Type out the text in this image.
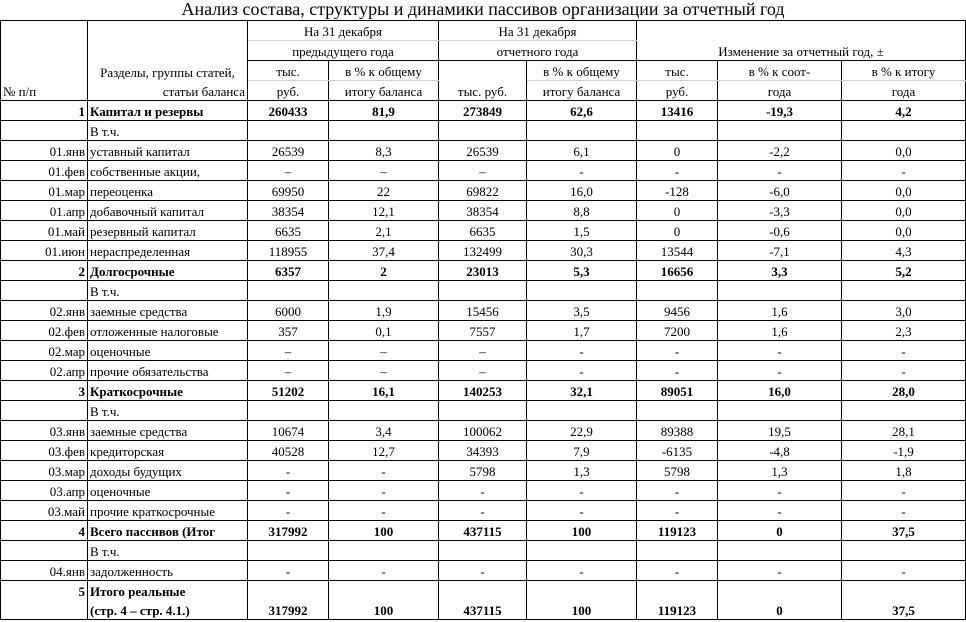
Анализ состава, структуры и динамики пассивов организации за отчетный год
		На 31 декабря		На 31 декабря				
		предыдущего года		отчетного года		Изменение за отчетный год, ±		
	Разделы, группы статей,	тыс.	в % к общему		в % к общему	тыс.	в % к соот-	в % к итогу
№ п/п	статьи баланса	руб.	итогу баланса	тыс. руб.	итогу баланса	руб.	года	года
1	Капитал и резервы	260433	81,9	273849	62,6	13416	-19,3	4,2
	В т.ч.							
01.янв	уставный капитал	26539	8,3	26539	6,1	0	-2,2	0,0
01.фев	собственные акции,	–	–	–	-	-	-	-
01.мар	переоценка	69950	22	69822	16,0	-128	-6,0	0,0
01.апр	добавочный капитал	38354	12,1	38354	8,8	0	-3,3	0,0
01.май	резервный капитал	6635	2,1	6635	1,5	0	-0,6	0,0
01.июн	нераспределенная	118955	37,4	132499	30,3	13544	-7,1	4,3
2	Долгосрочные	6357	2	23013	5,3	16656	3,3	5,2
	В т.ч.							
02.янв	заемные средства	6000	1,9	15456	3,5	9456	1,6	3,0
02.фев	отложенные налоговые	357	0,1	7557	1,7	7200	1,6	2,3
02.мар	оценочные	–	–	–	-	-	-	-
02.апр	прочие обязательства	–	–	–	-	-	-	-
3	Краткосрочные	51202	16,1	140253	32,1	89051	16,0	28,0
	В т.ч.							
03.янв	заемные средства	10674	3,4	100062	22,9	89388	19,5	28,1
03.фев	кредиторская	40528	12,7	34393	7,9	-6135	-4,8	-1,9
03.мар	доходы будущих	-	-	5798	1,3	5798	1,3	1,8
03.апр	оценочные	-	-	-	-	-	-	-
03.май	прочие краткосрочные	-	-	-	-	-	-	-
4	Всего пассивов (Итог	317992	100	437115	100	119123	0	37,5
	В т.ч.							
04.янв	задолженность	-	-	-	-	-	-	-
5	Итого реальные							
	(стр. 4 – стр. 4.1.)	317992	100	437115	100	119123	0	37,5
